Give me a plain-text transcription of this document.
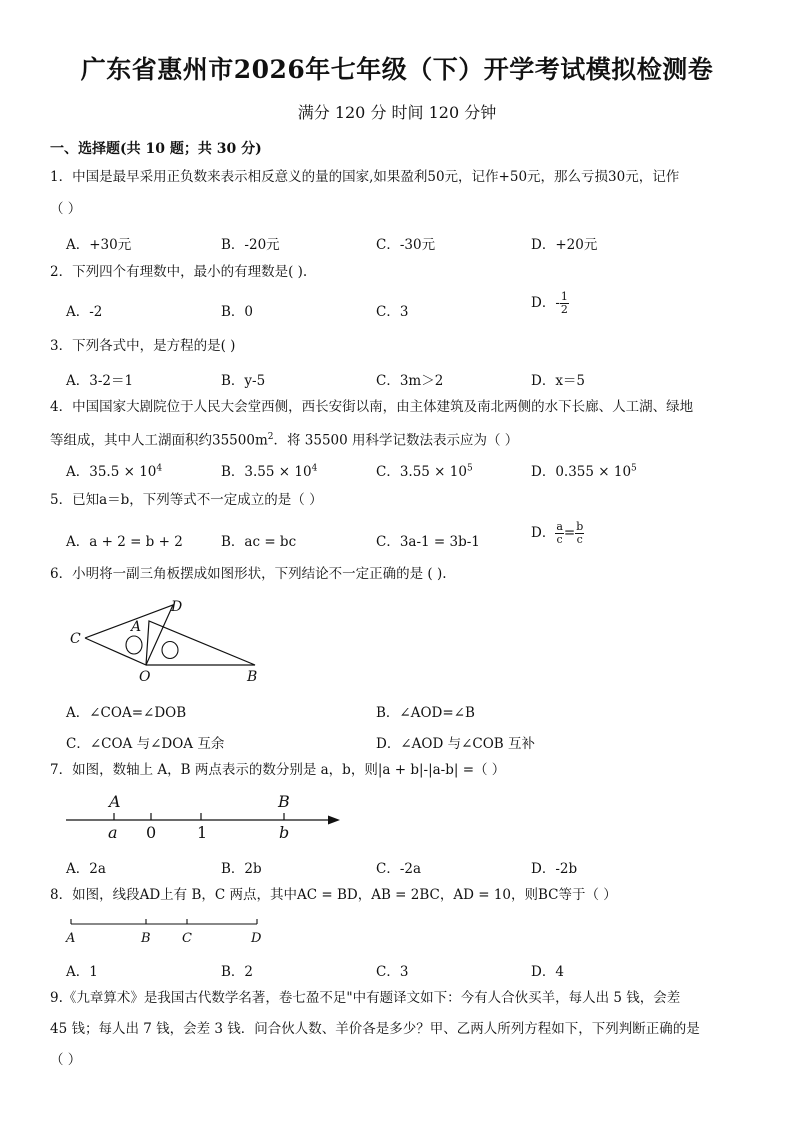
广东省惠州市2026年七年级（下）开学考试模拟检测卷
满分 120 分 时间 120 分钟
一、选择题(共 10 题；共 30 分)
1．中国是最早采用正负数来表示相反意义的量的国家,如果盈利50元，记作+50元，那么亏损30元，记作
（ ）
A．+30元	B．-20元	C．-30元	D．+20元
2．下列四个有理数中，最小的有理数是( ).
A．-2	B．0	C．3
D．- $\frac{1}{2}$
3．下列各式中，是方程的是( )
A．3-2＝1	B．y-5	C．3m＞2	D．x＝5
4．中国国家大剧院位于人民大会堂西侧，西长安街以南，由主体建筑及南北两侧的水下长廊、人工湖、绿地
等组成，其中人工湖面积约$35500m^2$．将 35500 用科学记数法表示应为（ ）
A．$35.5 \times 10^4$	B．$3.55 \times 10^4$	C．$3.55 \times 10^5$	D．$0.355 \times 10^5$
5．已知a＝b，下列等式不一定成立的是（ ）
A．a + 2 = b + 2	B．ac = bc	C．3a-1 = 3b-1
D． $\frac{a}{c} = \frac{b}{c}$
6．小明将一副三角板摆成如图形状，下列结论不一定正确的是 ( ).
C
D
A
O	B
A．∠COA=∠DOB	B．∠AOD=∠B
C．∠COA 与∠DOA 互余	D．∠AOD 与∠COB 互补
7．如图，数轴上 A，B 两点表示的数分别是 a，b，则|a + b|-|a-b| =（ ）
A	B
a 0	1	b
A．2a	B．2b	C．-2a	D．-2b
8．如图，线段AD上有 B，C 两点，其中AC = BD，AB = 2BC，AD = 10，则BC等于（ ）
A	B C	D
A．1	B．2	C．3	D．4
9.《九章算术》是我国古代数学名著，卷七盈不足"中有题译文如下：今有人合伙买羊，每人出 5 钱，会差
45 钱；每人出 7 钱，会差 3 钱．问合伙人数、羊价各是多少？甲、乙两人所列方程如下，下列判断正确的是
（ ）
